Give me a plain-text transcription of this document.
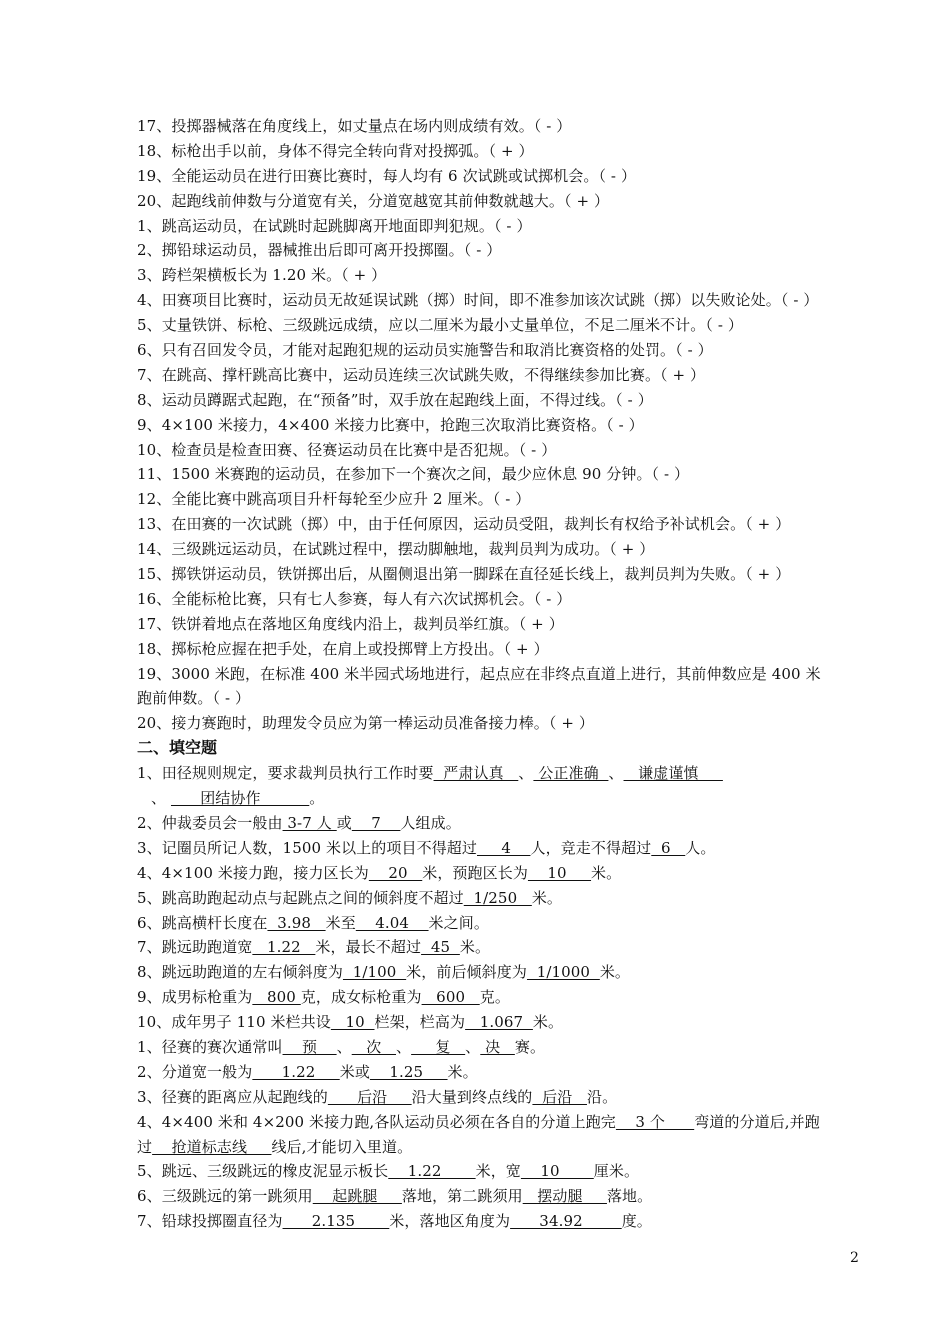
17、投掷器械落在角度线上，如丈量点在场内则成绩有效。（ - ）
18、标枪出手以前，身体不得完全转向背对投掷弧。（ + ）
19、全能运动员在进行田赛比赛时，每人均有 6 次试跳或试掷机会。（ - ）
20、起跑线前伸数与分道宽有关，分道宽越宽其前伸数就越大。（ + ）
1、跳高运动员，在试跳时起跳脚离开地面即判犯规。（ - ）
2、掷铅球运动员，器械推出后即可离开投掷圈。（ - ）
3、跨栏架横板长为 1.20 米。（ + ）
4、田赛项目比赛时，运动员无故延误试跳（掷）时间，即不准参加该次试跳（掷）以失败论处。（ - ）
5、丈量铁饼、标枪、三级跳远成绩，应以二厘米为最小丈量单位，不足二厘米不计。（ - ）
6、只有召回发令员，才能对起跑犯规的运动员实施警告和取消比赛资格的处罚。（ - ）
7、在跳高、撑杆跳高比赛中，运动员连续三次试跳失败，不得继续参加比赛。（ + ）
8、运动员蹲踞式起跑，在“预备”时，双手放在起跑线上面，不得过线。（ - ）
9、4×100 米接力，4×400 米接力比赛中，抢跑三次取消比赛资格。（ - ）
10、检查员是检查田赛、径赛运动员在比赛中是否犯规。（ - ）
11、1500 米赛跑的运动员，在参加下一个赛次之间，最少应休息 90 分钟。（ - ）
12、全能比赛中跳高项目升杆每轮至少应升 2 厘米。（ - ）
13、在田赛的一次试跳（掷）中，由于任何原因，运动员受阻，裁判长有权给予补试机会。（ + ）
14、三级跳远运动员，在试跳过程中，摆动脚触地，裁判员判为成功。（ + ）
15、掷铁饼运动员，铁饼掷出后，从圈侧退出第一脚踩在直径延长线上，裁判员判为失败。（ + ）
16、全能标枪比赛，只有七人参赛，每人有六次试掷机会。（ - ）
17、铁饼着地点在落地区角度线内沿上，裁判员举红旗。（ + ）
18、掷标枪应握在把手处，在肩上或投掷臂上方投出。（ + ）
19、3000 米跑，在标准 400 米半园式场地进行，起点应在非终点直道上进行，其前伸数应是 400 米
跑前伸数。（ - ）
20、接力赛跑时，助理发令员应为第一棒运动员准备接力棒。（ + ）
二、填空题
1、田径规则规定，要求裁判员执行工作时要  严肃认真   、 公正准确  、   谦虚谨慎
、       团结协作          。
2、仲裁委员会一般由 3-7 人 或    7    人组成。
3、记圈员所记人数，1500 米以上的项目不得超过     4    人，竞走不得超过  6   人。
4、4×100 米接力跑，接力区长为    20   米，预跑区长为    10     米。
5、跳高助跑起动点与起跳点之间的倾斜度不超过  1/250   米。
6、跳高横杆长度在  3.98   米至    4.04    米之间。
7、跳远助跑道宽   1.22   米，最长不超过  45  米。
8、跳远助跑道的左右倾斜度为  1/100  米，前后倾斜度为  1/1000  米。
9、成男标枪重为   800 克，成女标枪重为   600   克。
10、成年男子 110 米栏共设   10  栏架，栏高为   1.067  米。
1、径赛的赛次通常叫    预    、   次   、     复   、 决   赛。
2、分道宽一般为      1.22     米或    1.25     米。
3、径赛的距离应从起跑线的      后沿     沿大量到终点线的  后沿   沿。
4、4×400 米和 4×200 米接力跑,各队运动员必须在各自的分道上跑完    3 个      弯道的分道后,并跑
过    抢道标志线     线后,才能切入里道。
5、跳远、三级跳远的橡皮泥显示板长    1.22       米，宽    10       厘米。
6、三级跳远的第一跳须用    起跳腿     落地，第二跳须用   摆动腿     落地。
7、铅球投掷圈直径为      2.135       米，落地区角度为      34.92        度。
2
